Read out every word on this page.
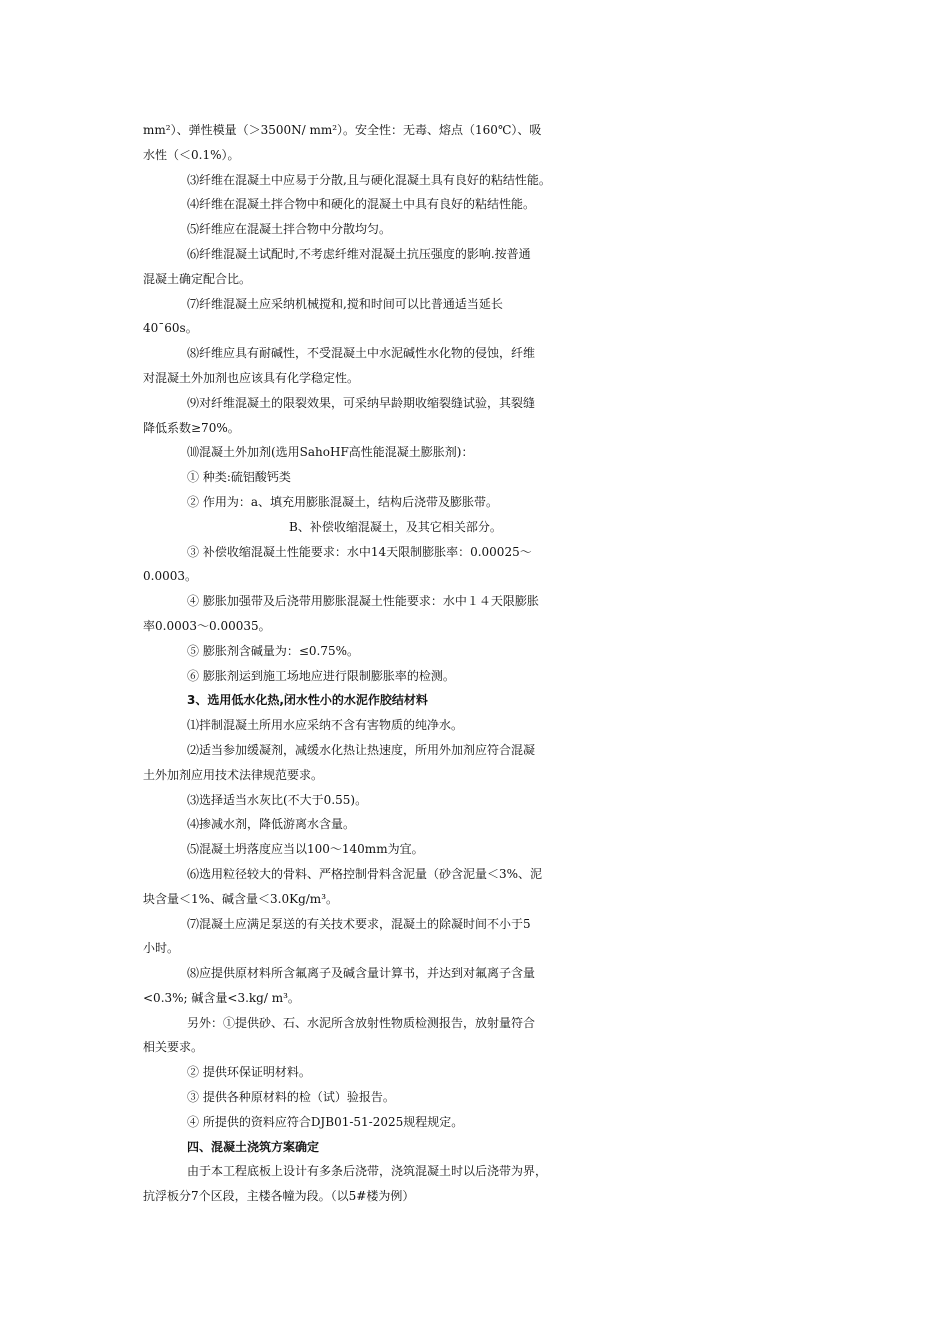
mm²）、弹性模量（＞3500N/ mm²）。安全性：无毒、熔点（160℃）、吸
水性（＜0.1%）。
⑶纤维在混凝土中应易于分散,且与硬化混凝土具有良好的粘结性能。
⑷纤维在混凝土拌合物中和硬化的混凝土中具有良好的粘结性能。
⑸纤维应在混凝土拌合物中分散均匀。
⑹纤维混凝土试配时,不考虑纤维对混凝土抗压强度的影响.按普通
混凝土确定配合比。
⑺纤维混凝土应采纳机械搅和,搅和时间可以比普通适当延长
40¯60s。
⑻纤维应具有耐碱性，不受混凝土中水泥碱性水化物的侵蚀，纤维
对混凝土外加剂也应该具有化学稳定性。
⑼对纤维混凝土的限裂效果，可采纳早龄期收缩裂缝试验，其裂缝
降低系数≥70%。
⑽混凝土外加剂(选用SahoHF高性能混凝土膨胀剂)：
① 种类:硫铝酸钙类
② 作用为：a、填充用膨胀混凝土，结构后浇带及膨胀带。
B、补偿收缩混凝土，及其它相关部分。
③ 补偿收缩混凝土性能要求：水中14天限制膨胀率：0.00025～
0.0003。
④ 膨胀加强带及后浇带用膨胀混凝土性能要求：水中１４天限膨胀
率0.0003～0.00035。
⑤ 膨胀剂含碱量为：≤0.75%。
⑥ 膨胀剂运到施工场地应进行限制膨胀率的检测。
3、选用低水化热,闭水性小的水泥作胶结材料
⑴拌制混凝土所用水应采纳不含有害物质的纯净水。
⑵适当参加缓凝剂，减缓水化热让热速度，所用外加剂应符合混凝
土外加剂应用技术法律规范要求。
⑶选择适当水灰比(不大于0.55)。
⑷掺减水剂，降低游离水含量。
⑸混凝土坍落度应当以100～140mm为宜。
⑹选用粒径较大的骨料、严格控制骨料含泥量（砂含泥量＜3%、泥
块含量＜1%、碱含量＜3.0Kg/m³。
⑺混凝土应满足泵送的有关技术要求，混凝土的除凝时间不小于5
小时。
⑻应提供原材料所含氟离子及碱含量计算书，并达到对氟离子含量
<0.3%; 碱含量<3.kg/ m³。
另外：①提供砂、石、水泥所含放射性物质检测报告，放射量符合
相关要求。
② 提供环保证明材料。
③ 提供各种原材料的检（试）验报告。
④ 所提供的资料应符合DJB01-51-2025规程规定。
四、混凝土浇筑方案确定
由于本工程底板上设计有多条后浇带，浇筑混凝土时以后浇带为界，
抗浮板分7个区段，主楼各幢为段。（以5#楼为例）
